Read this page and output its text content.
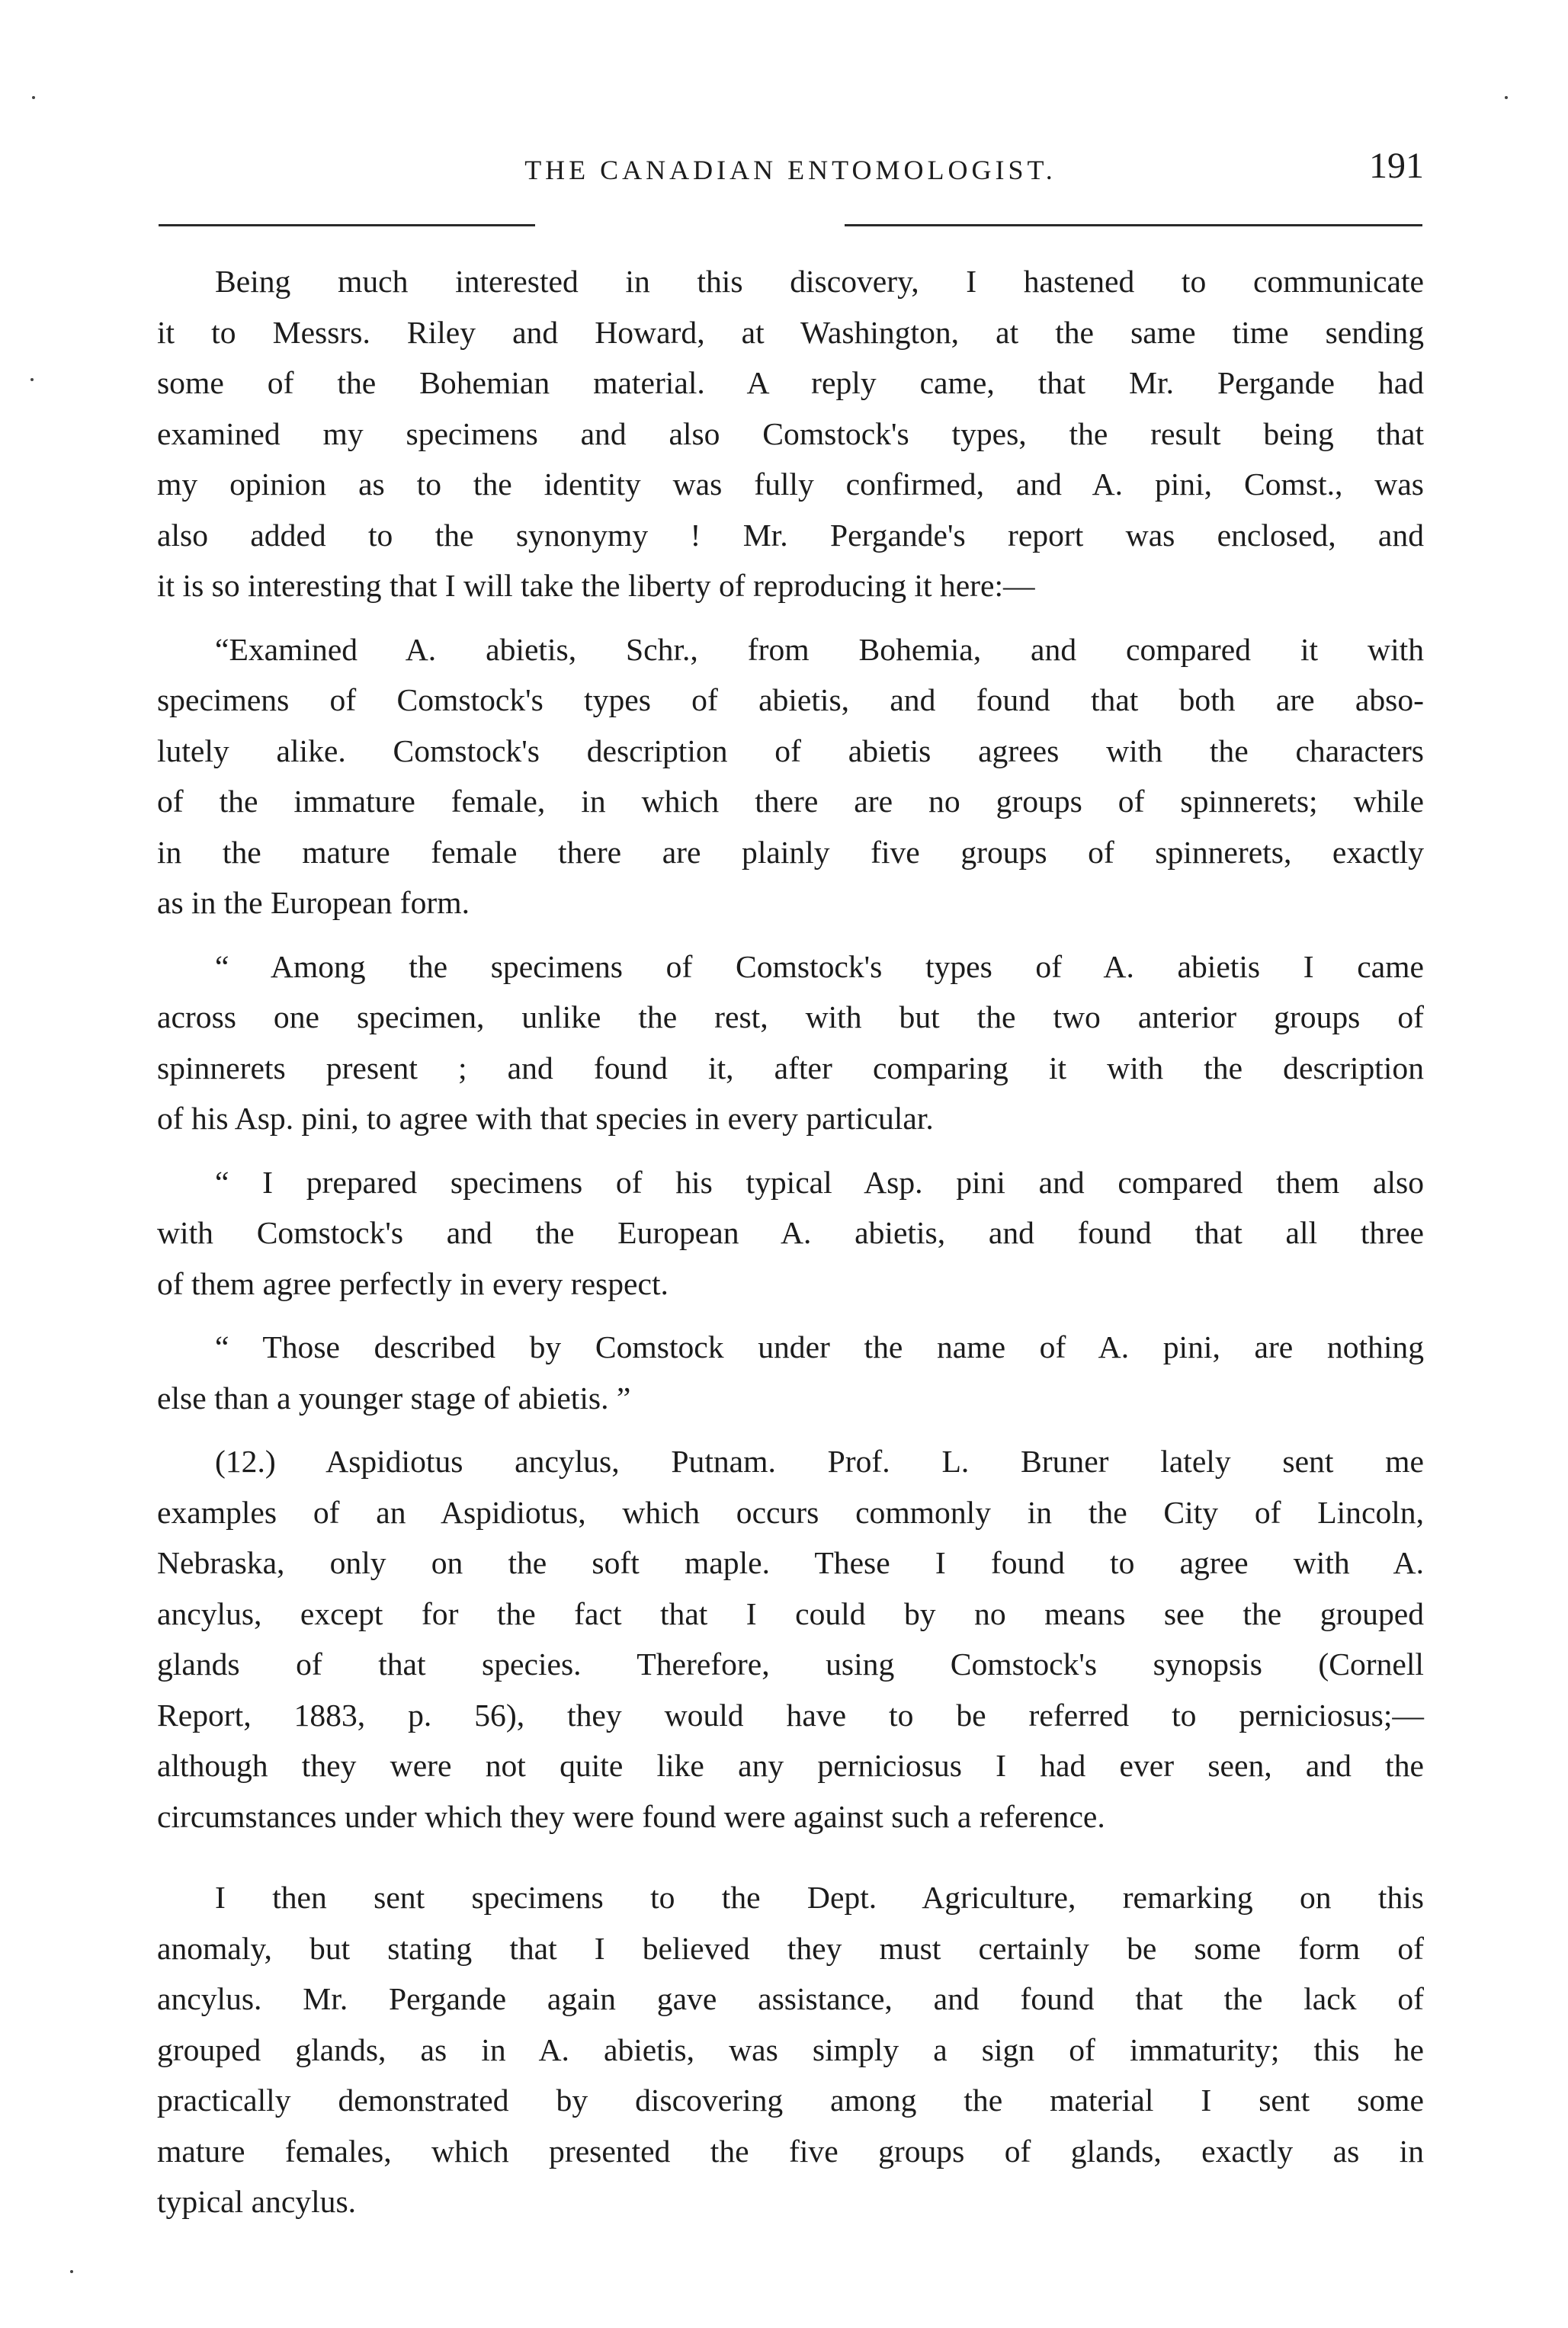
THE CANADIAN ENTOMOLOGIST.	191

Being much interested in this discovery, I hastened to communicate
it to Messrs. Riley and Howard, at Washington, at the same time sending
some of the Bohemian material. A reply came, that Mr. Pergande had
examined my specimens and also Comstock's types, the result being that
my opinion as to the identity was fully confirmed, and A. pini, Comst., was
also added to the synonymy ! Mr. Pergande's report was enclosed, and
it is so interesting that I will take the liberty of reproducing it here:—

“Examined A. abietis, Schr., from Bohemia, and compared it with
specimens of Comstock's types of abietis, and found that both are abso-
lutely alike. Comstock's description of abietis agrees with the characters
of the immature female, in which there are no groups of spinnerets; while
in the mature female there are plainly five groups of spinnerets, exactly
as in the European form.

“ Among the specimens of Comstock's types of A. abietis I came
across one specimen, unlike the rest, with but the two anterior groups of
spinnerets present ; and found it, after comparing it with the description
of his Asp. pini, to agree with that species in every particular.

“ I prepared specimens of his typical Asp. pini and compared them also
with Comstock's and the European A. abietis, and found that all three
of them agree perfectly in every respect.

“ Those described by Comstock under the name of A. pini, are nothing
else than a younger stage of abietis. ”

(12.) Aspidiotus ancylus, Putnam. Prof. L. Bruner lately sent me
examples of an Aspidiotus, which occurs commonly in the City of Lincoln,
Nebraska, only on the soft maple. These I found to agree with A.
ancylus, except for the fact that I could by no means see the grouped
glands of that species. Therefore, using Comstock's synopsis (Cornell
Report, 1883, p. 56), they would have to be referred to perniciosus;—
although they were not quite like any perniciosus I had ever seen, and the
circumstances under which they were found were against such a reference.

I then sent specimens to the Dept. Agriculture, remarking on this
anomaly, but stating that I believed they must certainly be some form of
ancylus. Mr. Pergande again gave assistance, and found that the lack of
grouped glands, as in A. abietis, was simply a sign of immaturity; this he
practically demonstrated by discovering among the material I sent some
mature females, which presented the five groups of glands, exactly as in
typical ancylus.
